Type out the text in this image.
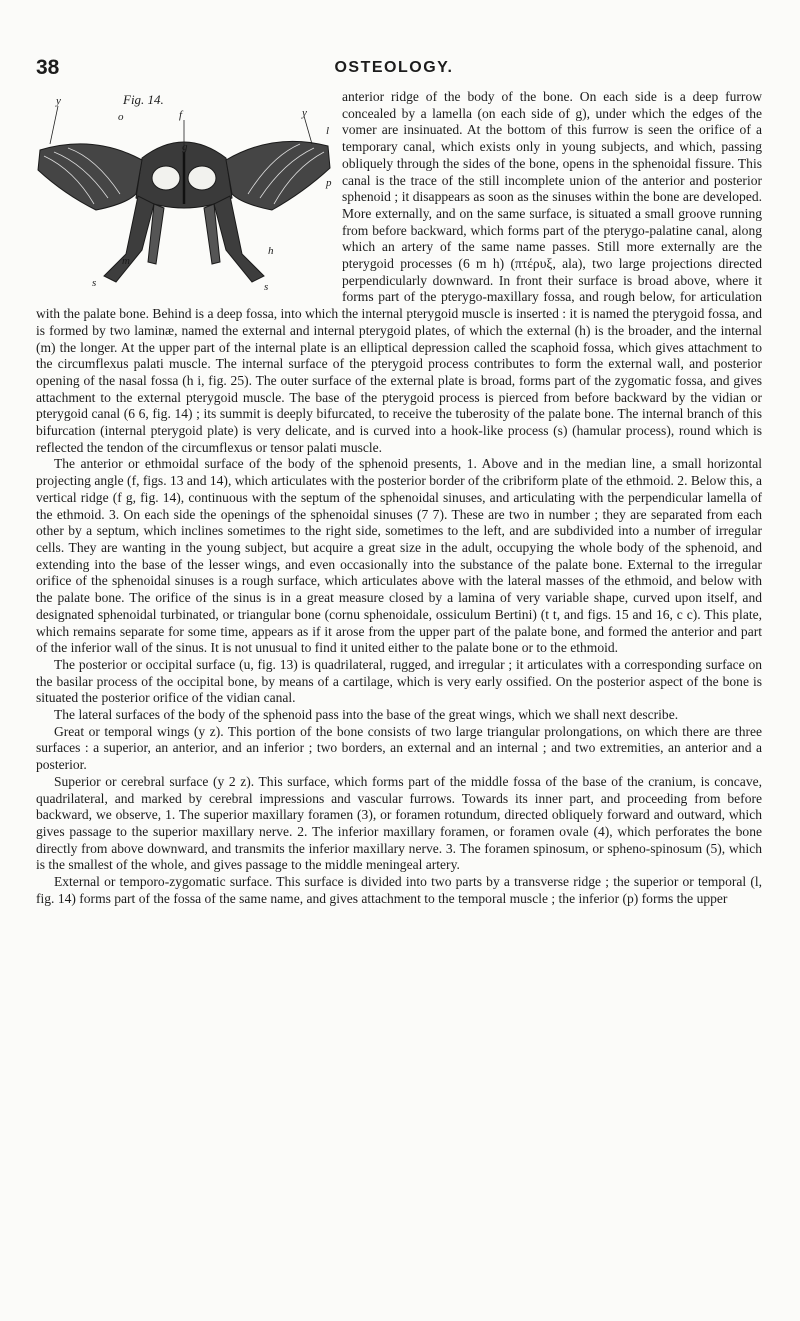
38	OSTEOLOGY.
Fig. 14.
y
y
o	f
g
l
p
m
h
s	s

anterior ridge of the body of the bone. On each side is a deep furrow concealed by a lamella (on each side of g), under which the edges of the vomer are insinuated. At the bottom of this furrow is seen the orifice of a temporary canal, which exists only in young subjects, and which, passing obliquely through the sides of the bone, opens in the sphenoidal fissure. This canal is the trace of the still incomplete union of the anterior and posterior sphenoid ; it disappears as soon as the sinuses within the bone are developed. More externally, and on the same surface, is situated a small groove running from before backward, which forms part of the pterygo-palatine canal, along which an artery of the same name passes. Still more externally are the pterygoid processes (6 m h) (πτέρυξ, ala), two large projections directed perpendicularly downward. In front their surface is broad above, where it forms part of the pterygo-maxillary fossa, and rough below, for articulation with the palate bone. Behind is a deep fossa, into which the internal pterygoid muscle is inserted : it is named the pterygoid fossa, and is formed by two laminæ, named the external and internal pterygoid plates, of which the external (h) is the broader, and the internal (m) the longer. At the upper part of the internal plate is an elliptical depression called the scaphoid fossa, which gives attachment to the circumflexus palati muscle. The internal surface of the pterygoid process contributes to form the external wall, and posterior opening of the nasal fossa (h i, fig. 25). The outer surface of the external plate is broad, forms part of the zygomatic fossa, and gives attachment to the external pterygoid muscle. The base of the pterygoid process is pierced from before backward by the vidian or pterygoid canal (6 6, fig. 14) ; its summit is deeply bifurcated, to receive the tuberosity of the palate bone. The internal branch of this bifurcation (internal pterygoid plate) is very delicate, and is curved into a hook-like process (s) (hamular process), round which is reflected the tendon of the circumflexus or tensor palati muscle.

The anterior or ethmoidal surface of the body of the sphenoid presents, 1. Above and in the median line, a small horizontal projecting angle (f, figs. 13 and 14), which articulates with the posterior border of the cribriform plate of the ethmoid. 2. Below this, a vertical ridge (f g, fig. 14), continuous with the septum of the sphenoidal sinuses, and articulating with the perpendicular lamella of the ethmoid. 3. On each side the openings of the sphenoidal sinuses (7 7). These are two in number ; they are separated from each other by a septum, which inclines sometimes to the right side, sometimes to the left, and are subdivided into a number of irregular cells. They are wanting in the young subject, but acquire a great size in the adult, occupying the whole body of the sphenoid, and extending into the base of the lesser wings, and even occasionally into the substance of the palate bone. External to the irregular orifice of the sphenoidal sinuses is a rough surface, which articulates above with the lateral masses of the ethmoid, and below with the palate bone. The orifice of the sinus is in a great measure closed by a lamina of very variable shape, curved upon itself, and designated sphenoidal turbinated, or triangular bone (cornu sphenoidale, ossiculum Bertini) (t t, and figs. 15 and 16, c c). This plate, which remains separate for some time, appears as if it arose from the upper part of the palate bone, and formed the anterior and part of the inferior wall of the sinus. It is not unusual to find it united either to the palate bone or to the ethmoid.

The posterior or occipital surface (u, fig. 13) is quadrilateral, rugged, and irregular ; it articulates with a corresponding surface on the basilar process of the occipital bone, by means of a cartilage, which is very early ossified. On the posterior aspect of the bone is situated the posterior orifice of the vidian canal.

The lateral surfaces of the body of the sphenoid pass into the base of the great wings, which we shall next describe.

Great or temporal wings (y z). This portion of the bone consists of two large triangular prolongations, on which there are three surfaces : a superior, an anterior, and an inferior ; two borders, an external and an internal ; and two extremities, an anterior and a posterior.

Superior or cerebral surface (y 2 z). This surface, which forms part of the middle fossa of the base of the cranium, is concave, quadrilateral, and marked by cerebral impressions and vascular furrows. Towards its inner part, and proceeding from before backward, we observe, 1. The superior maxillary foramen (3), or foramen rotundum, directed obliquely forward and outward, which gives passage to the superior maxillary nerve. 2. The inferior maxillary foramen, or foramen ovale (4), which perforates the bone directly from above downward, and transmits the inferior maxillary nerve. 3. The foramen spinosum, or spheno-spinosum (5), which is the smallest of the whole, and gives passage to the middle meningeal artery.

External or temporo-zygomatic surface. This surface is divided into two parts by a transverse ridge ; the superior or temporal (l, fig. 14) forms part of the fossa of the same name, and gives attachment to the temporal muscle ; the inferior (p) forms the upper
